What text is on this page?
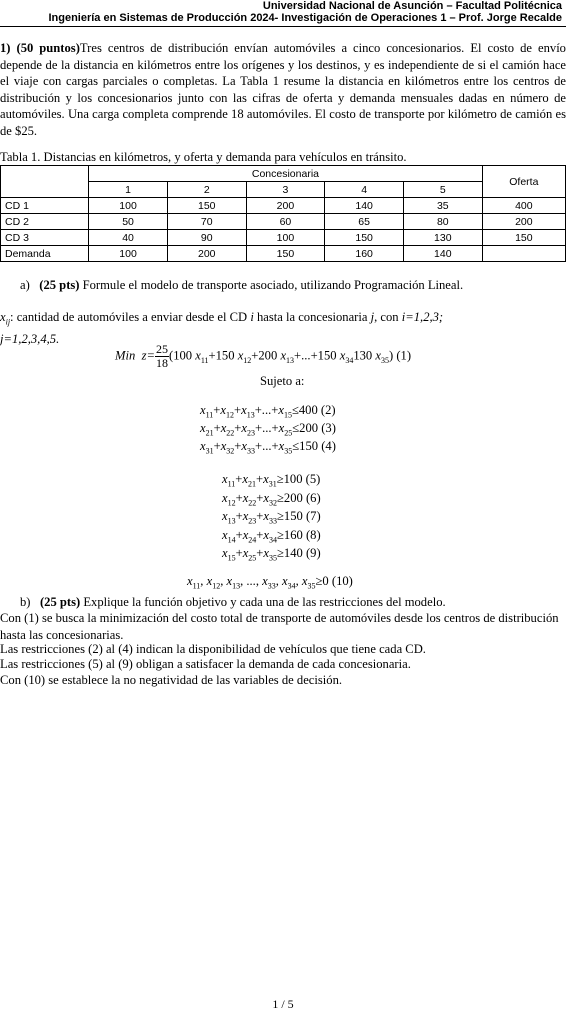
Universidad Nacional de Asunción – Facultad Politécnica
Ingeniería en Sistemas de Producción 2024- Investigación de Operaciones 1 – Prof. Jorge Recalde
1) (50 puntos)Tres centros de distribución envían automóviles a cinco concesionarios. El costo de envío depende de la distancia en kilómetros entre los orígenes y los destinos, y es independiente de si el camión hace el viaje con cargas parciales o completas. La Tabla 1 resume la distancia en kilómetros entre los centros de distribución y los concesionarios junto con las cifras de oferta y demanda mensuales dadas en número de automóviles. Una carga completa comprende 18 automóviles. El costo de transporte por kilómetro de camión es de $25.
Tabla 1. Distancias en kilómetros, y oferta y demanda para vehículos en tránsito.
	Concesionaria					Oferta
	1	2	3	4	5	
CD 1	100	150	200	140	35	400
CD 2	50	70	60	65	80	200
CD 3	40	90	100	150	130	150
Demanda	100	200	150	160	140	
a) (25 pts) Formule el modelo de transporte asociado, utilizando Programación Lineal.
$x_{ij}$: cantidad de automóviles a enviar desde el CD i hasta la concesionaria j, con i=1,2,3;
j=1,2,3,4,5.
Min $z= \frac{25}{18} (100$ $x_{11}+150$ $x_{12}+200$ $x_{13}+...+150$ $x_{34}130$ $x_{35}$) (1)
Sujeto a:
$x_{11}+x_{12}+x_{13}+...+x_{15}\le 400$ (2)
$x_{21}+x_{22}+x_{23}+...+x_{25}\le 200$ (3)
$x_{31}+x_{32}+x_{33}+...+x_{35}\le 150$ (4)
$x_{11}+x_{21}+x_{31}\ge 100$ (5)
$x_{12}+x_{22}+x_{32}\ge 200$ (6)
$x_{13}+x_{23}+x_{33}\ge 150$ (7)
$x_{14}+x_{24}+x_{34}\ge 160$ (8)
$x_{15}+x_{25}+x_{35}\ge 140$ (9)
$x_{11}$, $x_{12}$, $x_{13}$, ..., $x_{33}$, $x_{34}$, $x_{35}\ge 0$ (10)
b) (25 pts) Explique la función objetivo y cada una de las restricciones del modelo.
Con (1) se busca la minimización del costo total de transporte de automóviles desde los centros de distribución hasta las concesionarias.
Las restricciones (2) al (4) indican la disponibilidad de vehículos que tiene cada CD.
Las restricciones (5) al (9) obligan a satisfacer la demanda de cada concesionaria.
Con (10) se establece la no negatividad de las variables de decisión.
1 / 5
